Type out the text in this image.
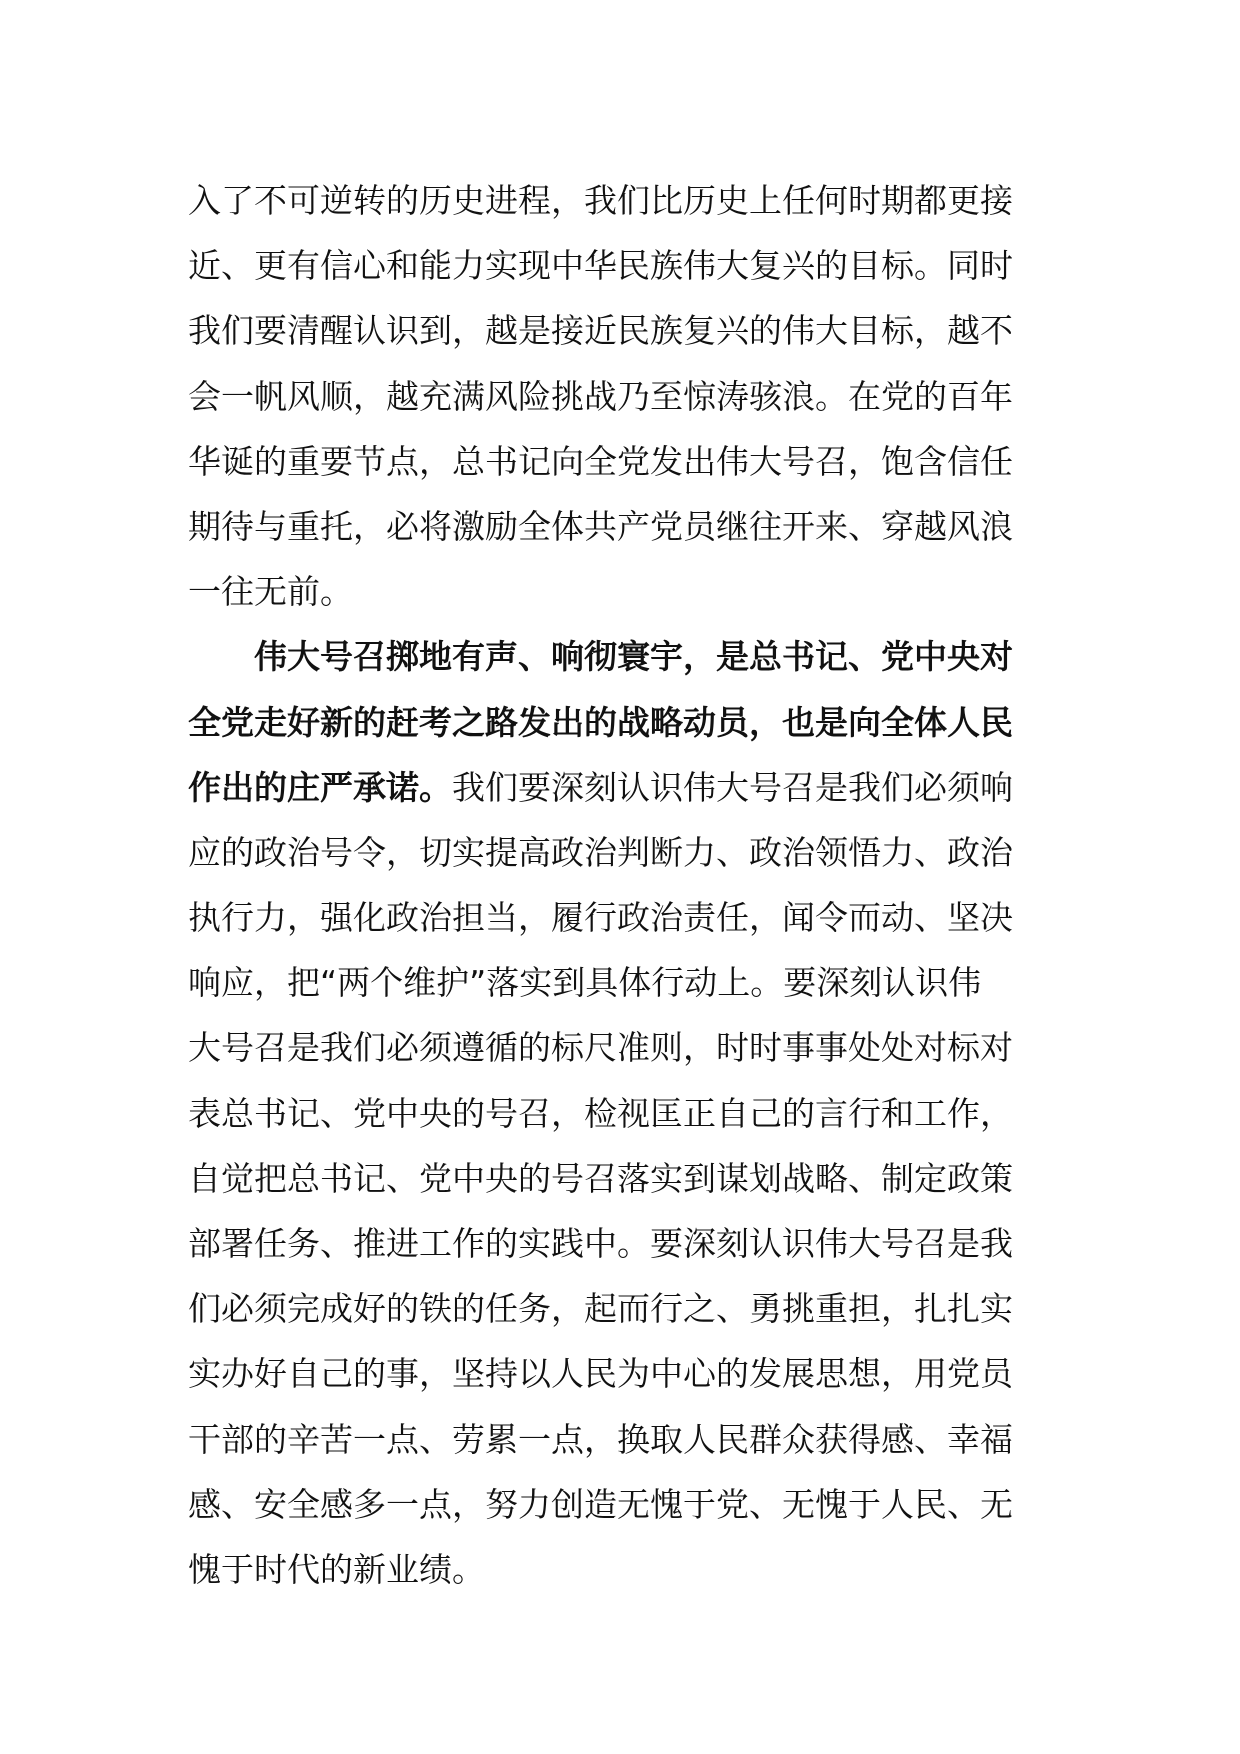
入了不可逆转的历史进程，我们比历史上任何时期都更接
近、更有信心和能力实现中华民族伟大复兴的目标。同时
我们要清醒认识到，越是接近民族复兴的伟大目标，越不
会一帆风顺，越充满风险挑战乃至惊涛骇浪。在党的百年
华诞的重要节点，总书记向全党发出伟大号召，饱含信任
期待与重托，必将激励全体共产党员继往开来、穿越风浪
一往无前。
伟大号召掷地有声、响彻寰宇，是总书记、党中央对
全党走好新的赶考之路发出的战略动员，也是向全体人民
作出的庄严承诺。我们要深刻认识伟大号召是我们必须响
应的政治号令，切实提高政治判断力、政治领悟力、政治
执行力，强化政治担当，履行政治责任，闻令而动、坚决
响应，把“两个维护”落实到具体行动上。要深刻认识伟
大号召是我们必须遵循的标尺准则，时时事事处处对标对
表总书记、党中央的号召，检视匡正自己的言行和工作，
自觉把总书记、党中央的号召落实到谋划战略、制定政策
部署任务、推进工作的实践中。要深刻认识伟大号召是我
们必须完成好的铁的任务，起而行之、勇挑重担，扎扎实
实办好自己的事，坚持以人民为中心的发展思想，用党员
干部的辛苦一点、劳累一点，换取人民群众获得感、幸福
感、安全感多一点，努力创造无愧于党、无愧于人民、无
愧于时代的新业绩。
